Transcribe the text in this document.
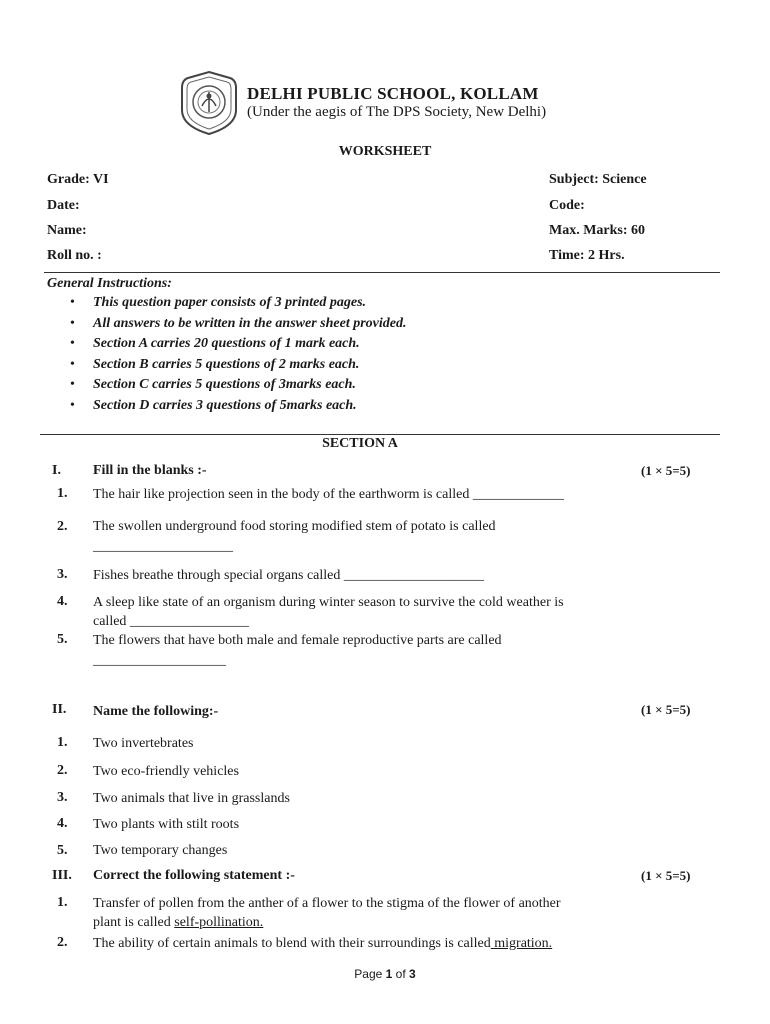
DELHI PUBLIC SCHOOL, KOLLAM
(Under the aegis of The DPS Society, New Delhi)
WORKSHEET
Grade: VI	Subject: Science
Date:	Code:
Name:	Max. Marks: 60
Roll no. :	Time: 2 Hrs.
General Instructions:
• This question paper consists of 3 printed pages.
• All answers to be written in the answer sheet provided.
• Section A carries 20 questions of 1 mark each.
• Section B carries 5 questions of 2 marks each.
• Section C carries 5 questions of 3marks each.
• Section D carries 3 questions of 5marks each.
SECTION A
I. Fill in the blanks :-	(1 × 5=5)
1. The hair like projection seen in the body of the earthworm is called _____________
2. The swollen underground food storing modified stem of potato is called
____________________
3. Fishes breathe through special organs called ____________________
4. A sleep like state of an organism during winter season to survive the cold weather is
called _________________
5. The flowers that have both male and female reproductive parts are called
___________________
II. Name the following:-	(1 × 5=5)
1. Two invertebrates
2. Two eco-friendly vehicles
3. Two animals that live in grasslands
4. Two plants with stilt roots
5. Two temporary changes
III. Correct the following statement :-	(1 × 5=5)
1. Transfer of pollen from the anther of a flower to the stigma of the flower of another
plant is called self-pollination.
2. The ability of certain animals to blend with their surroundings is called migration.
Page 1 of 3
